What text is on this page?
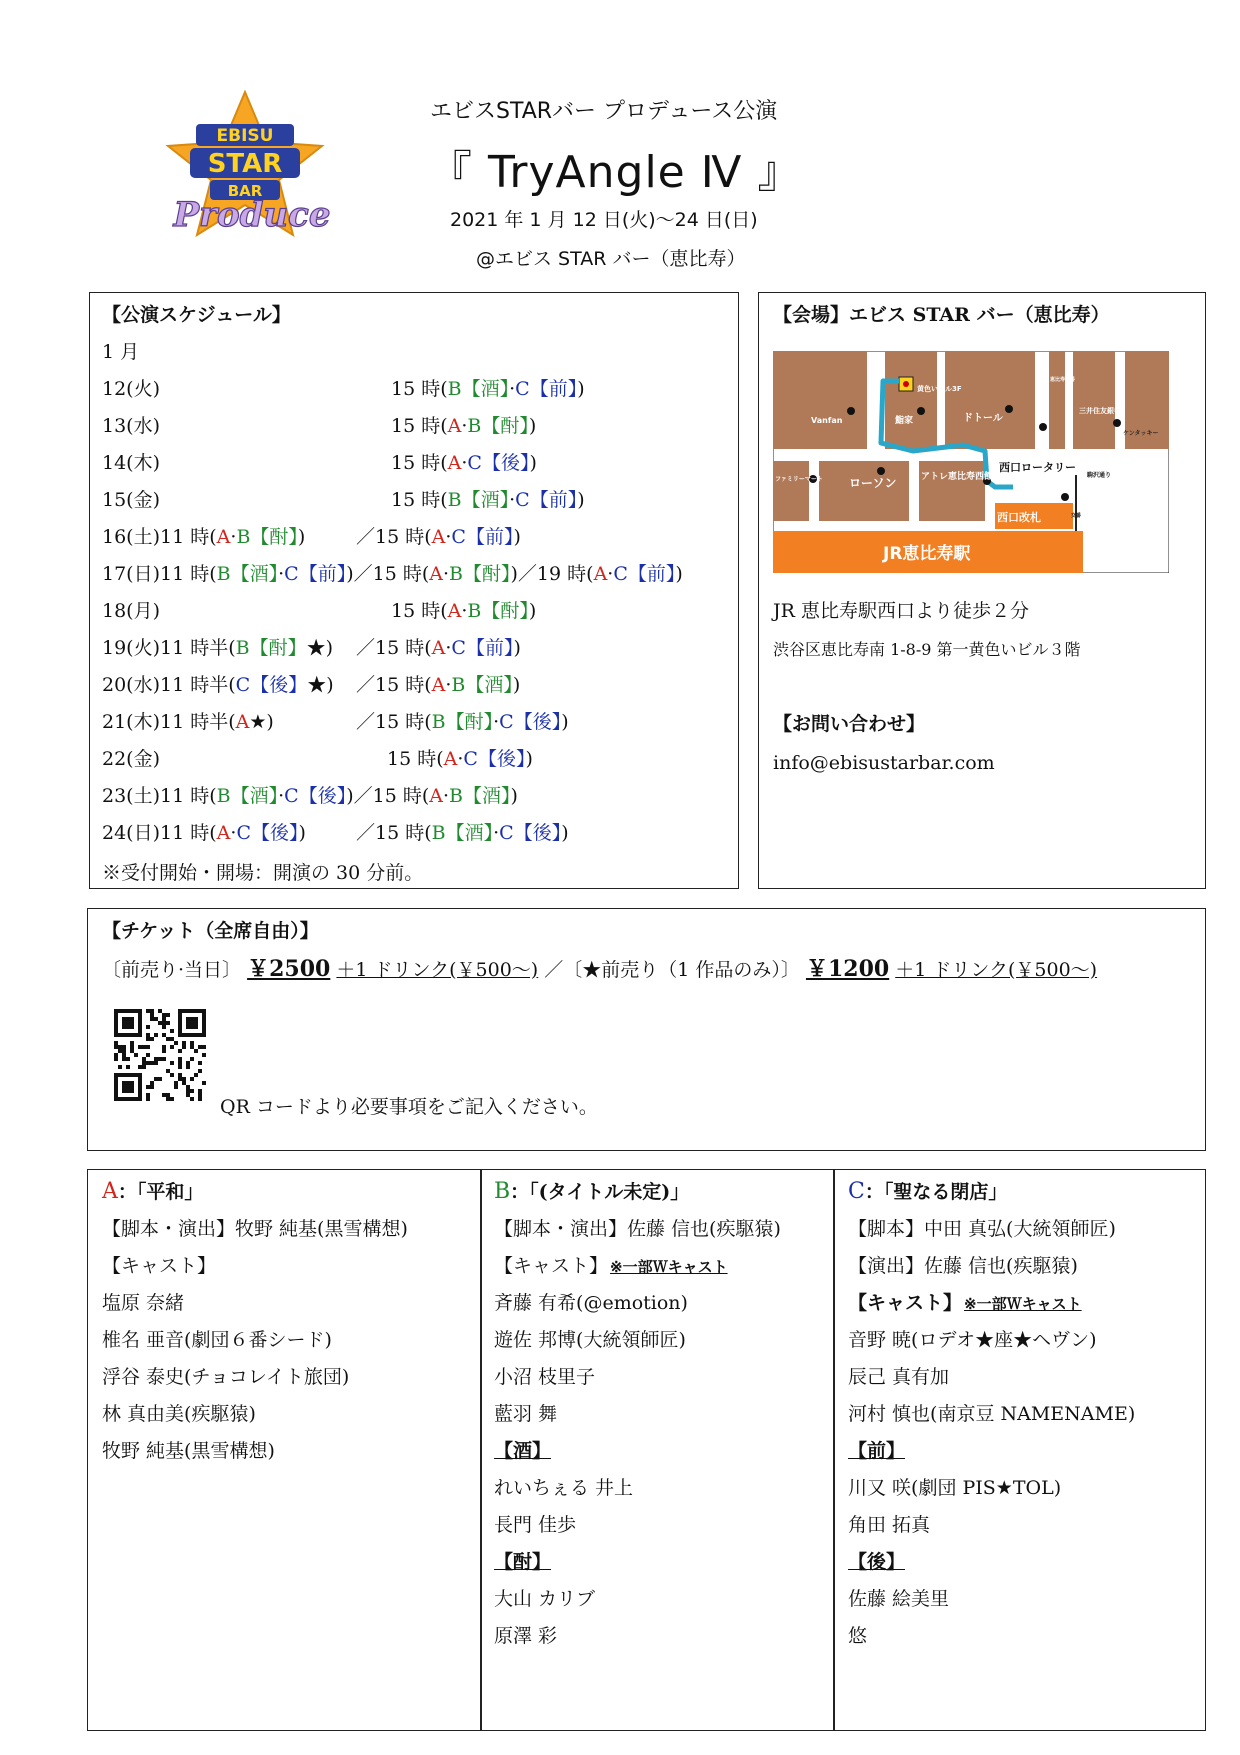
EBISU
STAR
BAR
Produce
エビスSTARバー プロデュース公演
『 TryAngle Ⅳ 』
2021 年 1 月 12 日(火)～24 日(日)
@エビス STAR バー（恵比寿）
【公演スケジュール】
1 月
12(火)	15 時(B【酒】·C【前】)
13(水)	15 時(A·B【酎】)
14(木)	15 時(A·C【後】)
15(金)	15 時(B【酒】·C【前】)
16(土)11 時(A·B【酎】)	／15 時(A·C【前】)
17(日)11 時(B【酒】·C【前】)／15 時(A·B【酎】)／19 時(A·C【前】)
18(月)	15 時(A·B【酎】)
19(火)11 時半(B【酎】★) ／15 時(A·C【前】)
20(水)11 時半(C【後】★) ／15 時(A·B【酒】)
21(木)11 時半(A★)	／15 時(B【酎】·C【後】)
22(金)	15 時(A·C【後】)
23(土)11 時(B【酒】·C【後】)／15 時(A·B【酒】)
24(日)11 時(A·C【後】)	／15 時(B【酒】·C【後】)
※受付開始・開場：開演の 30 分前。
【会場】エビス STAR バー（恵比寿）
黄色いビル3F
Vanfan	鮨家	ドトール
三井住友銀行
ケンタッキー
ファミリーマート ローソン	アトレ恵比寿西館
西口改札
JR恵比寿駅
西口ロータリー
駒沢通り
恵比寿交番
交番
JR 恵比寿駅西口より徒歩２分
渋谷区恵比寿南 1-8-9 第一黄色いビル３階
【お問い合わせ】
info@ebisustarbar.com
【チケット（全席自由）】
〔前売り·当日〕 ￥2500 ＋1 ドリンク(￥500～) ／〔★前売り（1 作品のみ）〕 ￥1200 ＋1 ドリンク(￥500～)
QR コードより必要事項をご記入ください。
A：「平和」
【脚本・演出】牧野 純基(黒雪構想)
【キャスト】
塩原 奈緒
椎名 亜音(劇団６番シード)
浮谷 泰史(チョコレイト旅団)
林 真由美(疾駆猿)
牧野 純基(黒雪構想)
B：「(タイトル未定)」
【脚本・演出】佐藤 信也(疾駆猿)
【キャスト】 ※一部Ｗキャスト
斉藤 有希(@emotion)
遊佐 邦博(大統領師匠)
小沼 枝里子
藍羽 舞
【酒】
れいちぇる 井上
長門 佳歩
【酎】
大山 カリブ
原澤 彩
C：「聖なる閉店」
【脚本】中田 真弘(大統領師匠)
【演出】佐藤 信也(疾駆猿)
【キャスト】 ※一部Ｗキャスト
音野 暁(ロデオ★座★ヘヴン)
辰己 真有加
河村 慎也(南京豆 NAMENAME)
【前】
川又 咲(劇団 PIS★TOL)
角田 拓真
【後】
佐藤 絵美里
悠
